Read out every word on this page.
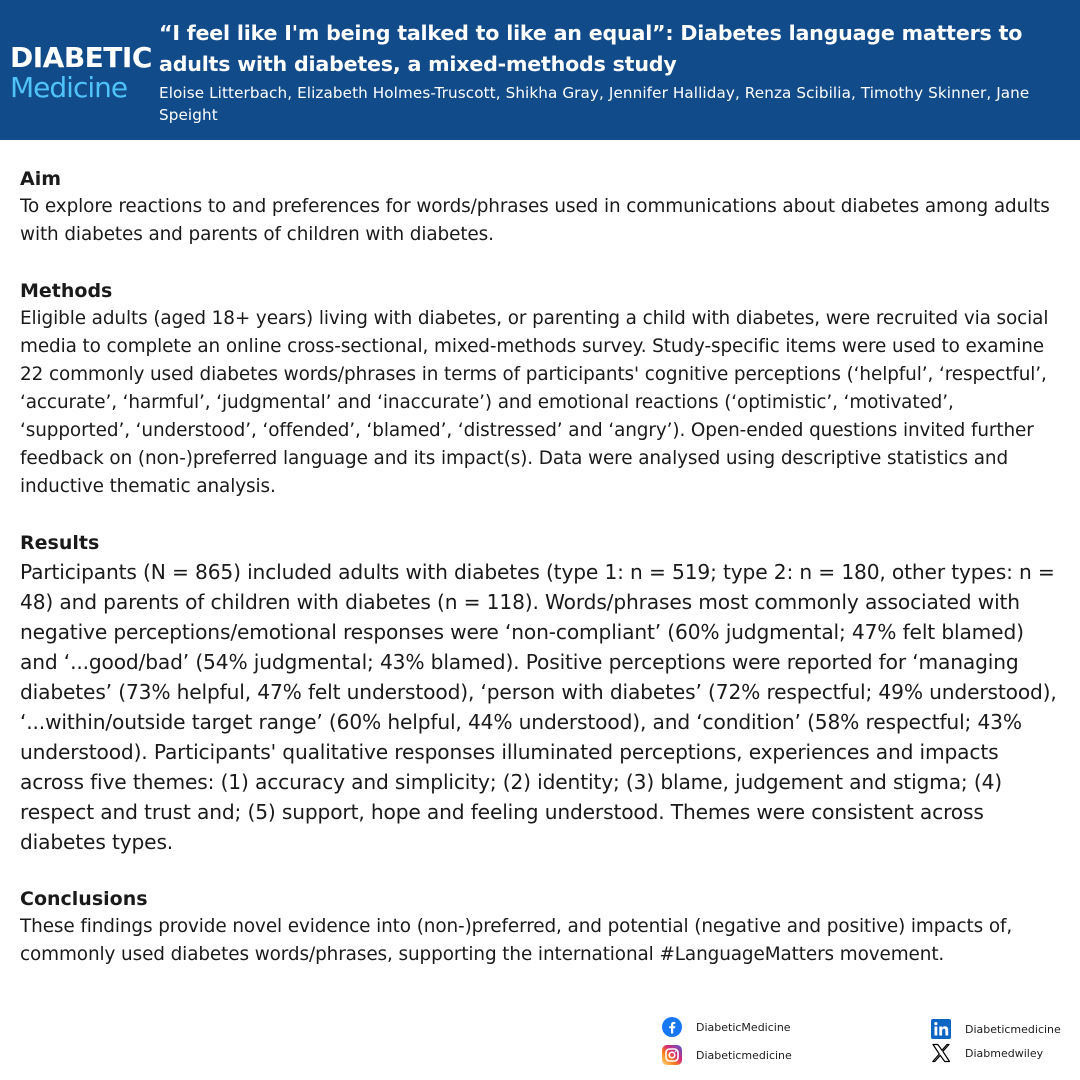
DIABETIC
Medicine
“I feel like I'm being talked to like an equal”: Diabetes language matters to adults with diabetes, a mixed-methods study

Eloise Litterbach, Elizabeth Holmes-Truscott, Shikha Gray, Jennifer Halliday, Renza Scibilia, Timothy Skinner, Jane Speight

Aim

To explore reactions to and preferences for words/phrases used in communications about diabetes among adults with diabetes and parents of children with diabetes.

Methods

Eligible adults (aged 18+ years) living with diabetes, or parenting a child with diabetes, were recruited via social media to complete an online cross-sectional, mixed-methods survey. Study-specific items were used to examine 22 commonly used diabetes words/phrases in terms of participants' cognitive perceptions (‘helpful’, ‘respectful’, ‘accurate’, ‘harmful’, ‘judgmental’ and ‘inaccurate’) and emotional reactions (‘optimistic’, ‘motivated’, ‘supported’, ‘understood’, ‘offended’, ‘blamed’, ‘distressed’ and ‘angry’). Open-ended questions invited further feedback on (non-)preferred language and its impact(s). Data were analysed using descriptive statistics and inductive thematic analysis.

Results

Participants (N = 865) included adults with diabetes (type 1: n = 519; type 2: n = 180, other types: n = 48) and parents of children with diabetes (n = 118). Words/phrases most commonly associated with negative perceptions/emotional responses were ‘non-compliant’ (60% judgmental; 47% felt blamed) and ‘...good/bad’ (54% judgmental; 43% blamed). Positive perceptions were reported for ‘managing diabetes’ (73% helpful, 47% felt understood), ‘person with diabetes’ (72% respectful; 49% understood), ‘...within/outside target range’ (60% helpful, 44% understood), and ‘condition’ (58% respectful; 43% understood). Participants' qualitative responses illuminated perceptions, experiences and impacts across five themes: (1) accuracy and simplicity; (2) identity; (3) blame, judgement and stigma; (4) respect and trust and; (5) support, hope and feeling understood. Themes were consistent across diabetes types.

Conclusions

These findings provide novel evidence into (non-)preferred, and potential (negative and positive) impacts of, commonly used diabetes words/phrases, supporting the international #LanguageMatters movement.

DiabeticMedicine
Diabeticmedicine
Diabeticmedicine
Diabmedwiley
